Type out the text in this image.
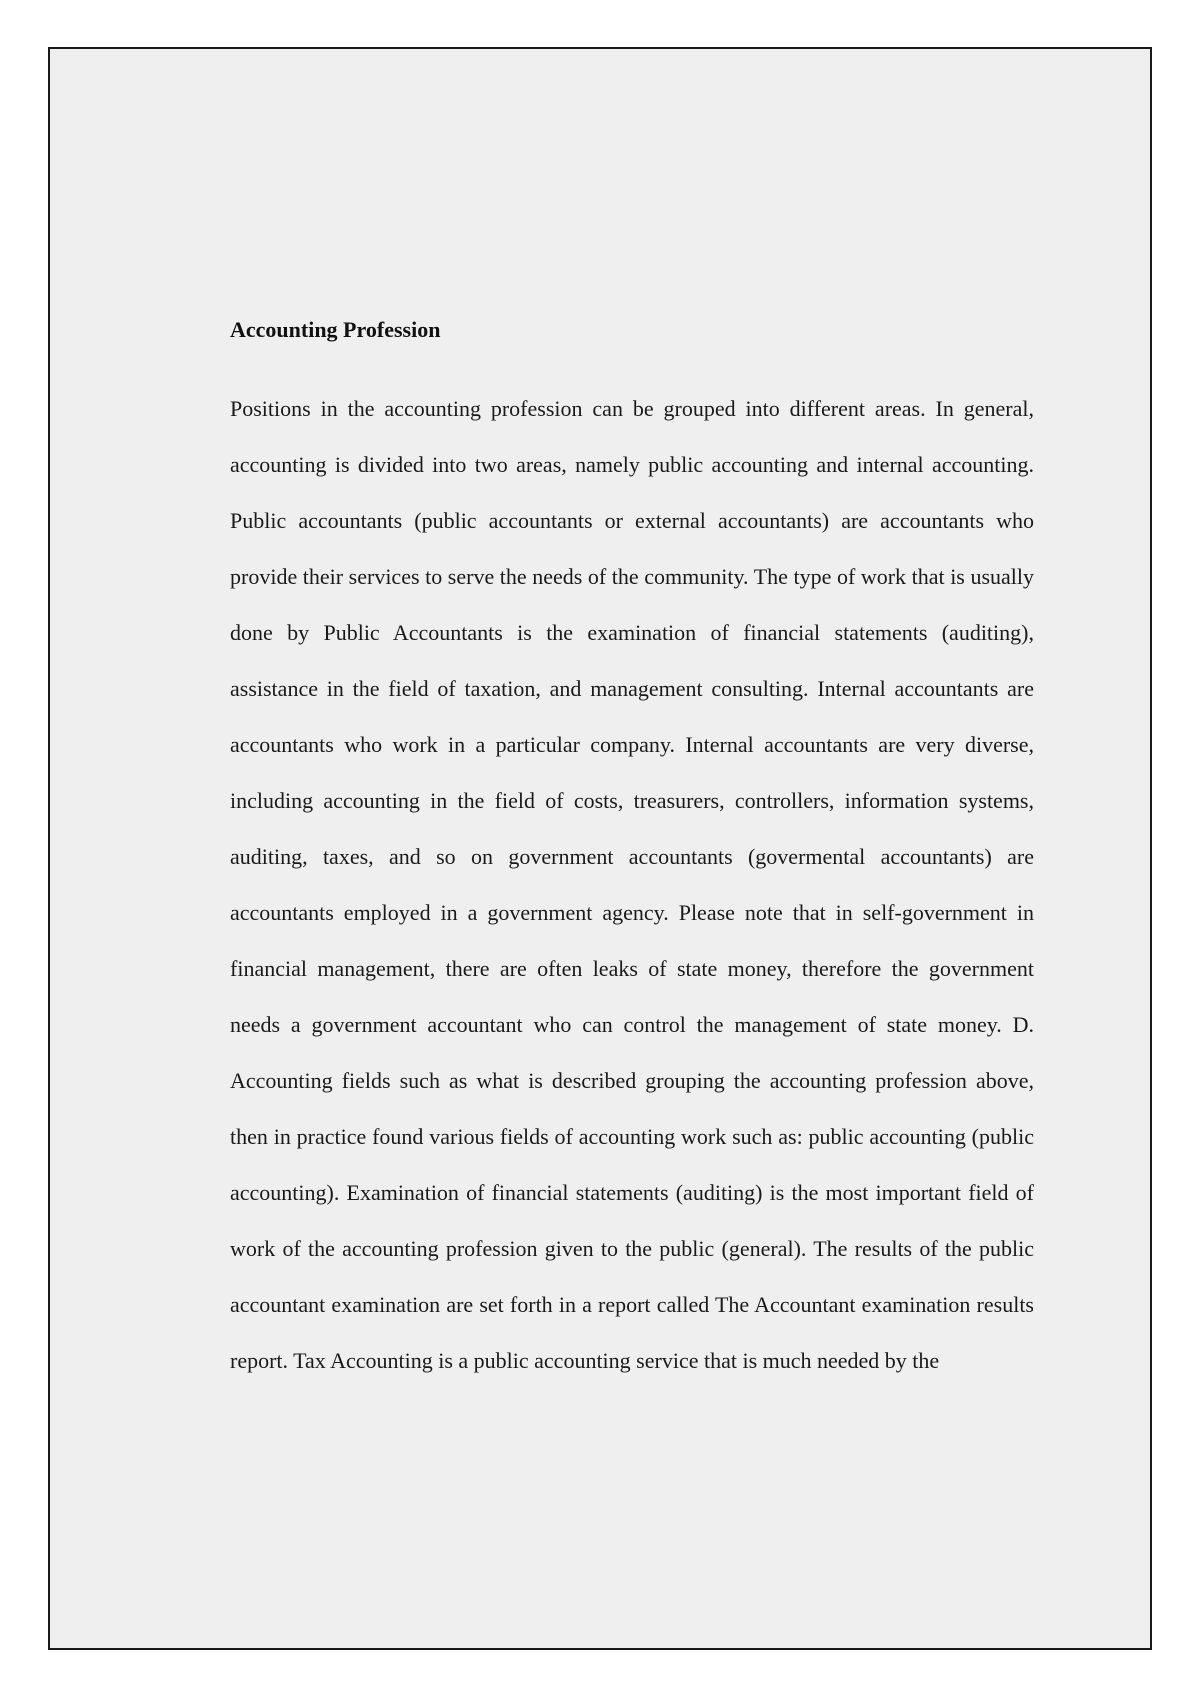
Accounting Profession

Positions in the accounting profession can be grouped into different areas. In general, accounting is divided into two areas, namely public accounting and internal accounting. Public accountants (public accountants or external accountants) are accountants who provide their services to serve the needs of the community. The type of work that is usually done by Public Accountants is the examination of financial statements (auditing), assistance in the field of taxation, and management consulting. Internal accountants are accountants who work in a particular company. Internal accountants are very diverse, including accounting in the field of costs, treasurers, controllers, information systems, auditing, taxes, and so on government accountants (govermental accountants) are accountants employed in a government agency. Please note that in self-government in financial management, there are often leaks of state money, therefore the government needs a government accountant who can control the management of state money. D. Accounting fields such as what is described grouping the accounting profession above, then in practice found various fields of accounting work such as: public accounting (public accounting). Examination of financial statements (auditing) is the most important field of work of the accounting profession given to the public (general). The results of the public accountant examination are set forth in a report called The Accountant examination results report. Tax Accounting is a public accounting service that is much needed by the
